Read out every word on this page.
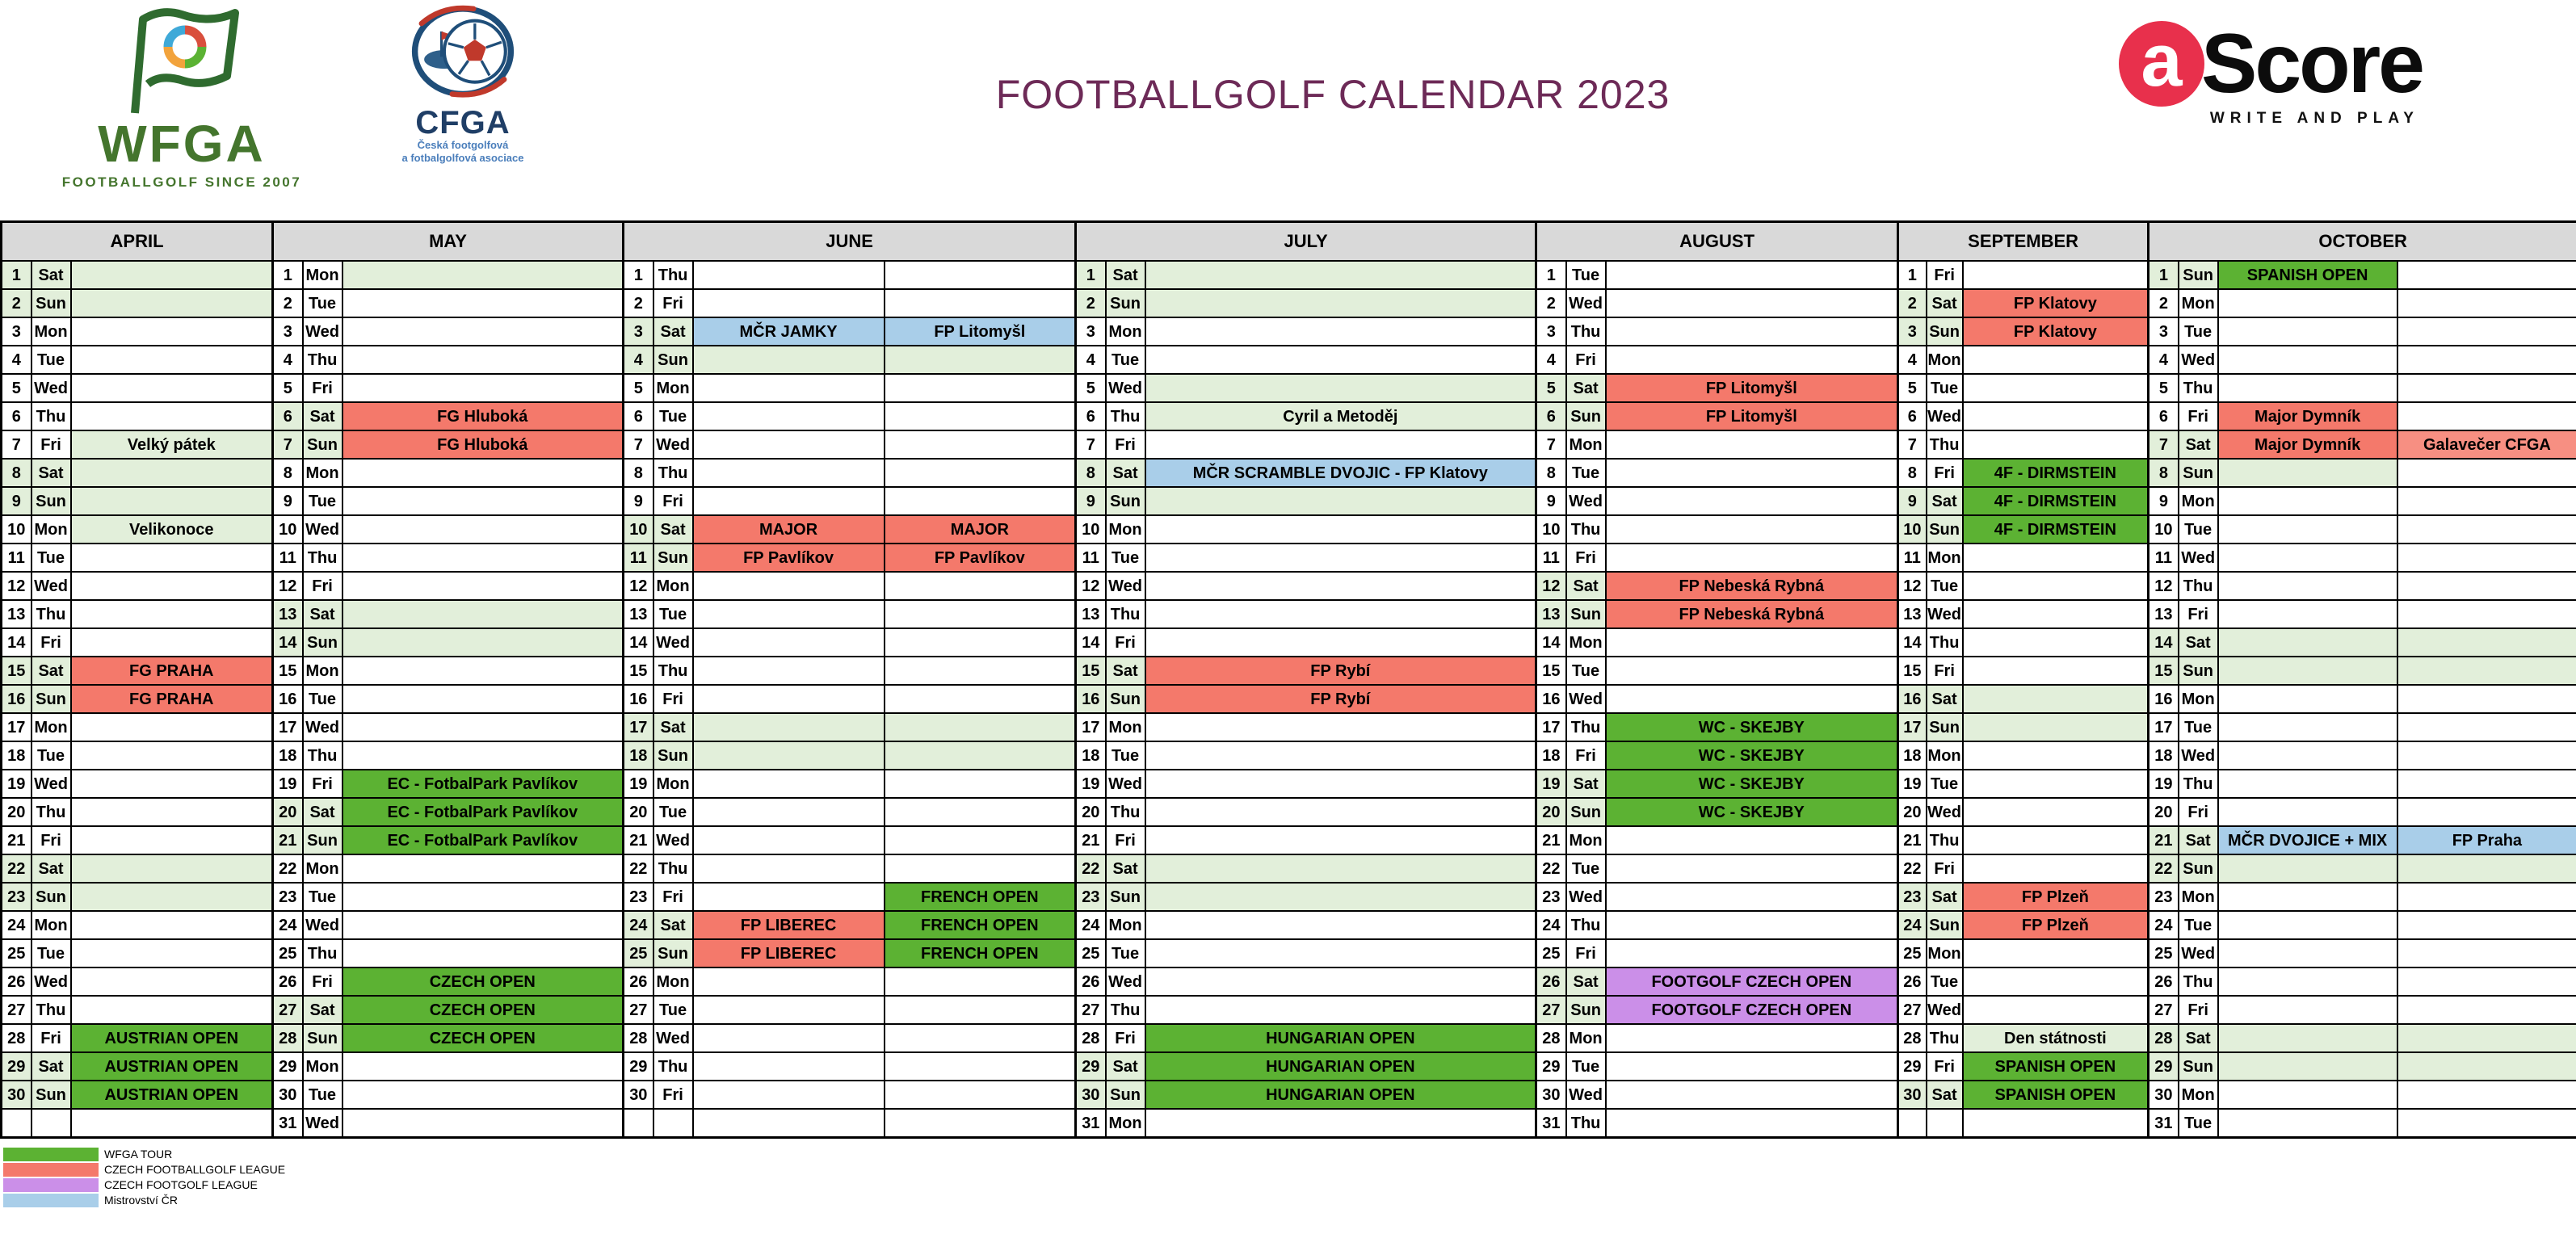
WFGA
FOOTBALLGOLF SINCE 2007
CFGA
Česká footgolfová
a fotbalgolfová asociace
FOOTBALLGOLF CALENDAR 2023	a Score
WRITE AND PLAY
APRIL			MAY			JUNE				JULY			AUGUST			SEPTEMBER			OCTOBER			
1	Sat		1	Mon		1	Thu			1	Sat		1	Tue		1	Fri		1	Sun	SPANISH OPEN	
2	Sun		2	Tue		2	Fri			2	Sun		2	Wed		2	Sat	FP Klatovy	2	Mon		
3	Mon		3	Wed		3	Sat	MČR JAMKY	FP Litomyšl	3	Mon		3	Thu		3	Sun	FP Klatovy	3	Tue		
4	Tue		4	Thu		4	Sun			4	Tue		4	Fri		4	Mon		4	Wed		
5	Wed		5	Fri		5	Mon			5	Wed		5	Sat	FP Litomyšl	5	Tue		5	Thu		
6	Thu		6	Sat	FG Hluboká	6	Tue			6	Thu	Cyril a Metoděj	6	Sun	FP Litomyšl	6	Wed		6	Fri	Major Dymník	
7	Fri	Velký pátek	7	Sun	FG Hluboká	7	Wed			7	Fri		7	Mon		7	Thu		7	Sat	Major Dymník	Galavečer CFGA
8	Sat		8	Mon		8	Thu			8	Sat	MČR SCRAMBLE DVOJIC - FP Klatovy	8	Tue		8	Fri	4F - DIRMSTEIN	8	Sun		
9	Sun		9	Tue		9	Fri			9	Sun		9	Wed		9	Sat	4F - DIRMSTEIN	9	Mon		
10	Mon	Velikonoce	10	Wed		10	Sat	MAJOR	MAJOR	10	Mon		10	Thu		10	Sun	4F - DIRMSTEIN	10	Tue		
11	Tue		11	Thu		11	Sun	FP Pavlíkov	FP Pavlíkov	11	Tue		11	Fri		11	Mon		11	Wed		
12	Wed		12	Fri		12	Mon			12	Wed		12	Sat	FP Nebeská Rybná	12	Tue		12	Thu		
13	Thu		13	Sat		13	Tue			13	Thu		13	Sun	FP Nebeská Rybná	13	Wed		13	Fri		
14	Fri		14	Sun		14	Wed			14	Fri		14	Mon		14	Thu		14	Sat		
15	Sat	FG PRAHA	15	Mon		15	Thu			15	Sat	FP Rybí	15	Tue		15	Fri		15	Sun		
16	Sun	FG PRAHA	16	Tue		16	Fri			16	Sun	FP Rybí	16	Wed		16	Sat		16	Mon		
17	Mon		17	Wed		17	Sat			17	Mon		17	Thu	WC - SKEJBY	17	Sun		17	Tue		
18	Tue		18	Thu		18	Sun			18	Tue		18	Fri	WC - SKEJBY	18	Mon		18	Wed		
19	Wed		19	Fri	EC - FotbalPark Pavlíkov	19	Mon			19	Wed		19	Sat	WC - SKEJBY	19	Tue		19	Thu		
20	Thu		20	Sat	EC - FotbalPark Pavlíkov	20	Tue			20	Thu		20	Sun	WC - SKEJBY	20	Wed		20	Fri		
21	Fri		21	Sun	EC - FotbalPark Pavlíkov	21	Wed			21	Fri		21	Mon		21	Thu		21	Sat	MČR DVOJICE + MIX	FP Praha
22	Sat		22	Mon		22	Thu			22	Sat		22	Tue		22	Fri		22	Sun		
23	Sun		23	Tue		23	Fri		FRENCH OPEN	23	Sun		23	Wed		23	Sat	FP Plzeň	23	Mon		
24	Mon		24	Wed		24	Sat	FP LIBEREC	FRENCH OPEN	24	Mon		24	Thu		24	Sun	FP Plzeň	24	Tue		
25	Tue		25	Thu		25	Sun	FP LIBEREC	FRENCH OPEN	25	Tue		25	Fri		25	Mon		25	Wed		
26	Wed		26	Fri	CZECH OPEN	26	Mon			26	Wed		26	Sat	FOOTGOLF CZECH OPEN	26	Tue		26	Thu		
27	Thu		27	Sat	CZECH OPEN	27	Tue			27	Thu		27	Sun	FOOTGOLF CZECH OPEN	27	Wed		27	Fri		
28	Fri	AUSTRIAN OPEN	28	Sun	CZECH OPEN	28	Wed			28	Fri	HUNGARIAN OPEN	28	Mon		28	Thu	Den státnosti	28	Sat		
29	Sat	AUSTRIAN OPEN	29	Mon		29	Thu			29	Sat	HUNGARIAN OPEN	29	Tue		29	Fri	SPANISH OPEN	29	Sun		
30	Sun	AUSTRIAN OPEN	30	Tue		30	Fri			30	Sun	HUNGARIAN OPEN	30	Wed		30	Sat	SPANISH OPEN	30	Mon		
			31	Wed						31	Mon		31	Thu					31	Tue		
WFGA TOUR
CZECH FOOTBALLGOLF LEAGUE
CZECH FOOTGOLF LEAGUE
Mistrovství ČR
